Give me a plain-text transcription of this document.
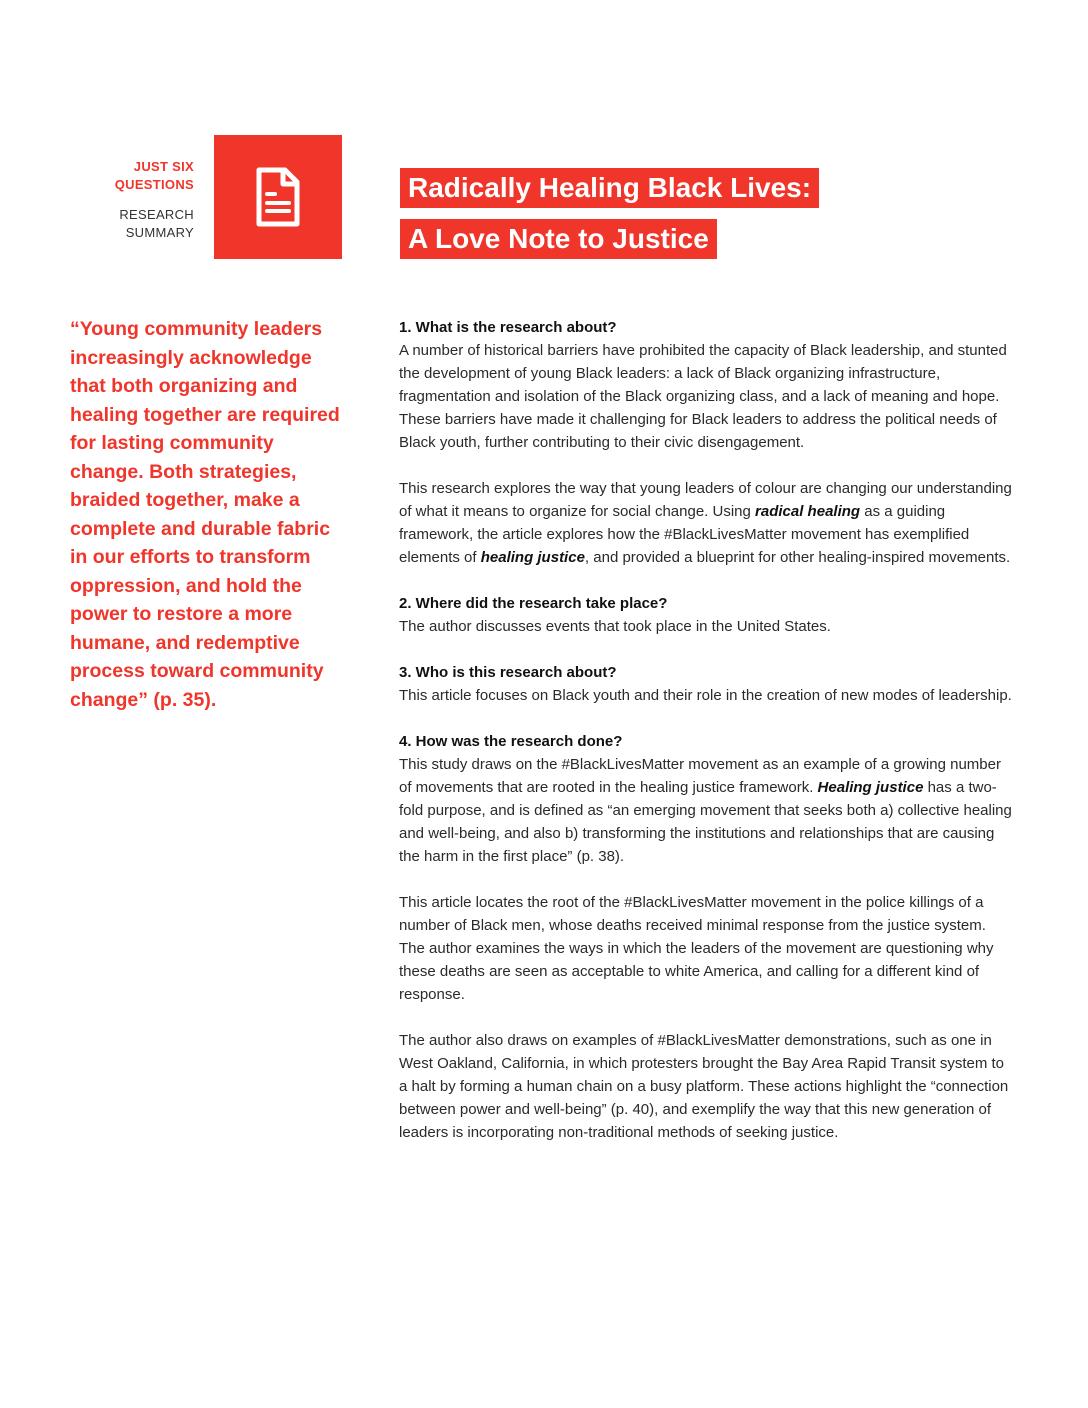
JUST SIX
QUESTIONS
RESEARCH
SUMMARY
Radically Healing Black Lives:
A Love Note to Justice
“Young community leaders increasingly acknowledge that both organizing and healing together are required for lasting community change. Both strategies, braided together, make a complete and durable fabric in our efforts to transform oppression, and hold the power to restore a more humane, and redemptive process toward community change” (p. 35).
1. What is the research about?

A number of historical barriers have prohibited the capacity of Black leadership, and stunted the development of young Black leaders: a lack of Black organizing infrastructure, fragmentation and isolation of the Black organizing class, and a lack of meaning and hope. These barriers have made it challenging for Black leaders to address the political needs of Black youth, further contributing to their civic disengagement.

This research explores the way that young leaders of colour are changing our understanding of what it means to organize for social change. Using radical healing as a guiding framework, the article explores how the #BlackLivesMatter movement has exemplified elements of healing justice, and provided a blueprint for other healing-inspired movements.

2. Where did the research take place?

The author discusses events that took place in the United States.

3. Who is this research about?

This article focuses on Black youth and their role in the creation of new modes of leadership.

4. How was the research done?

This study draws on the #BlackLivesMatter movement as an example of a growing number of movements that are rooted in the healing justice framework. Healing justice has a two-fold purpose, and is defined as “an emerging movement that seeks both a) collective healing and well-being, and also b) transforming the institutions and relationships that are causing the harm in the first place” (p. 38).

This article locates the root of the #BlackLivesMatter movement in the police killings of a number of Black men, whose deaths received minimal response from the justice system. The author examines the ways in which the leaders of the movement are questioning why these deaths are seen as acceptable to white America, and calling for a different kind of response.

The author also draws on examples of #BlackLivesMatter demonstrations, such as one in West Oakland, California, in which protesters brought the Bay Area Rapid Transit system to a halt by forming a human chain on a busy platform. These actions highlight the “connection between power and well-being” (p. 40), and exemplify the way that this new generation of leaders is incorporating non-traditional methods of seeking justice.
